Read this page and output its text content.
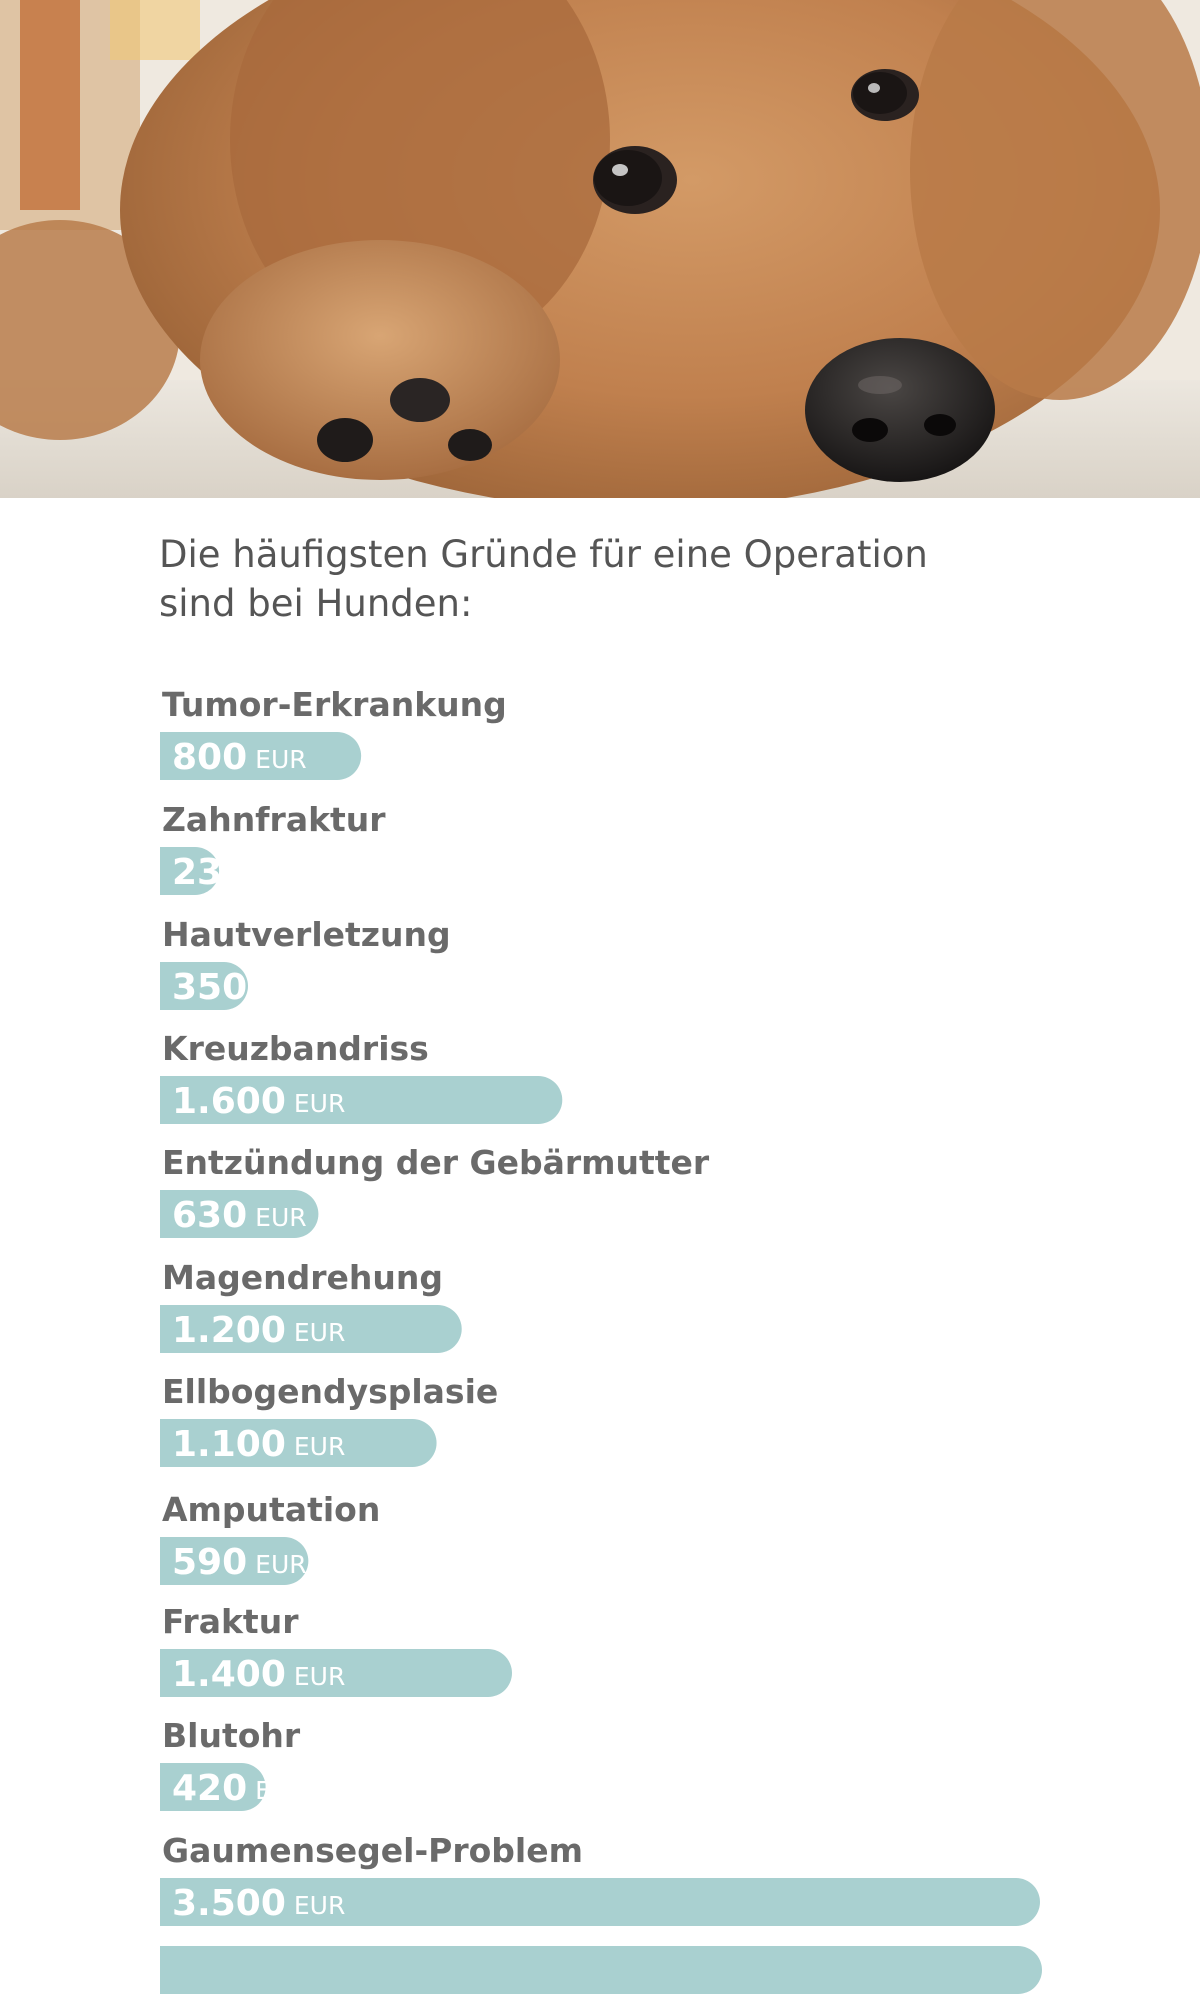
Die häufigsten Gründe für eine Operation
sind bei Hunden:
Tumor-Erkrankung
800 EUR
Zahnfraktur
235 EUR
Hautverletzung
350 EUR
Kreuzbandriss
1.600 EUR
Entzündung der Gebärmutter
630 EUR
Magendrehung
1.200 EUR
Ellbogendysplasie
1.100 EUR
Amputation
590 EUR
Fraktur
1.400 EUR
Blutohr
420 EUR
Gaumensegel-Problem
3.500 EUR
